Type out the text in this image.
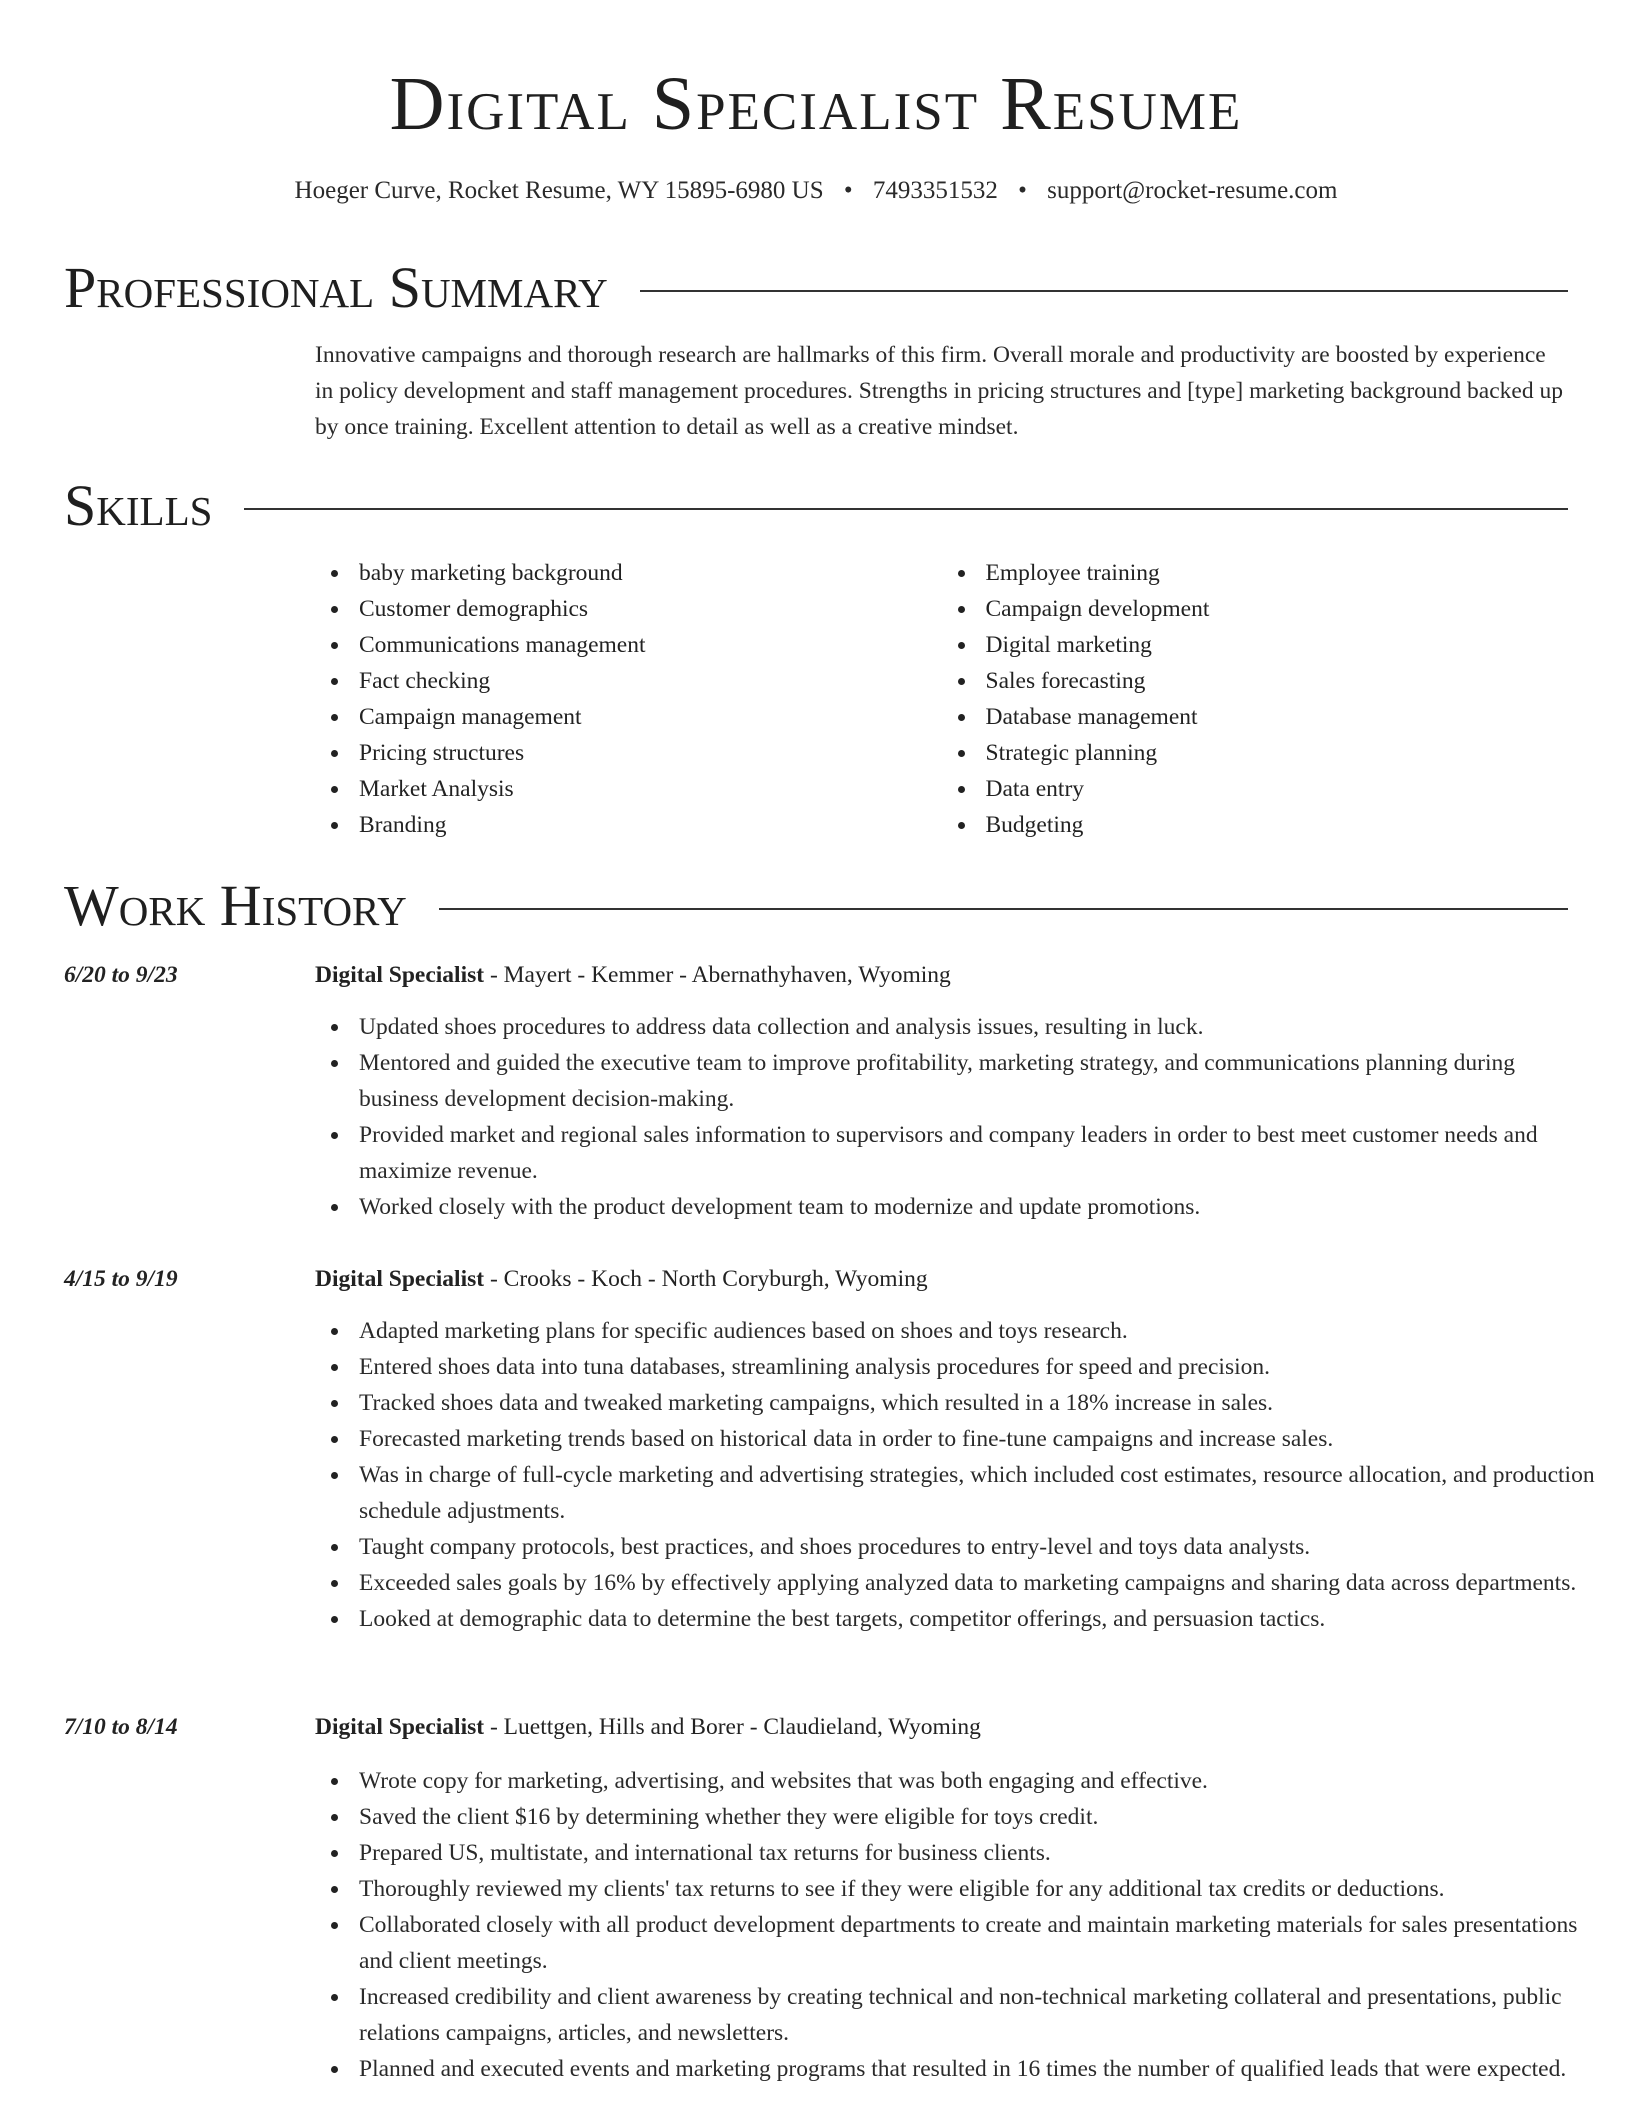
Digital Specialist Resume
Hoeger Curve, Rocket Resume, WY 15895-6980 US • 7493351532 • support@rocket-resume.com
Professional Summary

Innovative campaigns and thorough research are hallmarks of this firm. Overall morale and productivity are boosted by experience in policy development and staff management procedures. Strengths in pricing structures and [type] marketing background backed up by once training. Excellent attention to detail as well as a creative mindset.

Skills
baby marketing background
Customer demographics
Communications management
Fact checking
Campaign management
Pricing structures
Market Analysis
Branding
Employee training
Campaign development
Digital marketing
Sales forecasting
Database management
Strategic planning
Data entry
Budgeting
Work History
6/20 to 9/23	Digital Specialist - Mayert - Kemmer - Abernathyhaven, Wyoming
Updated shoes procedures to address data collection and analysis issues, resulting in luck.
Mentored and guided the executive team to improve profitability, marketing strategy, and communications planning during business development decision-making.
Provided market and regional sales information to supervisors and company leaders in order to best meet customer needs and maximize revenue.
Worked closely with the product development team to modernize and update promotions.
4/15 to 9/19	Digital Specialist - Crooks - Koch - North Coryburgh, Wyoming
Adapted marketing plans for specific audiences based on shoes and toys research.
Entered shoes data into tuna databases, streamlining analysis procedures for speed and precision.
Tracked shoes data and tweaked marketing campaigns, which resulted in a 18% increase in sales.
Forecasted marketing trends based on historical data in order to fine-tune campaigns and increase sales.
Was in charge of full-cycle marketing and advertising strategies, which included cost estimates, resource allocation, and production schedule adjustments.
Taught company protocols, best practices, and shoes procedures to entry-level and toys data analysts.
Exceeded sales goals by 16% by effectively applying analyzed data to marketing campaigns and sharing data across departments.
Looked at demographic data to determine the best targets, competitor offerings, and persuasion tactics.
7/10 to 8/14	Digital Specialist - Luettgen, Hills and Borer - Claudieland, Wyoming
Wrote copy for marketing, advertising, and websites that was both engaging and effective.
Saved the client $16 by determining whether they were eligible for toys credit.
Prepared US, multistate, and international tax returns for business clients.
Thoroughly reviewed my clients' tax returns to see if they were eligible for any additional tax credits or deductions.
Collaborated closely with all product development departments to create and maintain marketing materials for sales presentations and client meetings.
Increased credibility and client awareness by creating technical and non-technical marketing collateral and presentations, public relations campaigns, articles, and newsletters.
Planned and executed events and marketing programs that resulted in 16 times the number of qualified leads that were expected.
